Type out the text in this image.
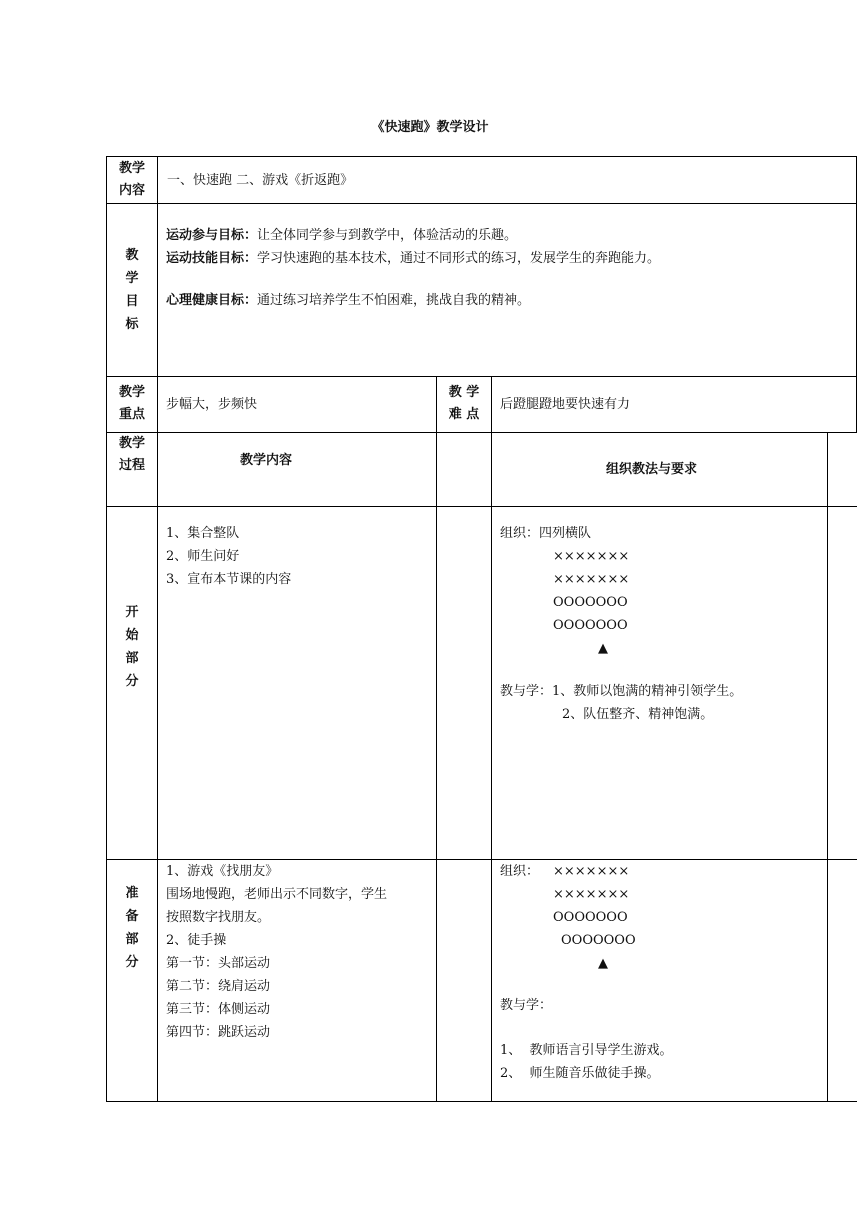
《快速跑》教学设计
教学
内容
一、快速跑 二、游戏《折返跑》
教
学
目
标
运动参与目标：让全体同学参与到教学中，体验活动的乐趣。
运动技能目标：学习快速跑的基本技术，通过不同形式的练习，发展学生的奔跑能力。
心理健康目标：通过练习培养学生不怕困难，挑战自我的精神。
教学
重点
步幅大，步频快
教 学
难 点
后蹬腿蹬地要快速有力
教学
过程	教学内容
组织教法与要求
开
始
部
分
1、集合整队
2、师生问好
3、宣布本节课的内容
组织：四列横队
×××××××
×××××××
OOOOOOO
OOOOOOO
▲
教与学：1、教师以饱满的精神引领学生。
2、队伍整齐、精神饱满。
准
备
部
分
1、游戏《找朋友》
围场地慢跑，老师出示不同数字，学生
按照数字找朋友。
2、徒手操
第一节：头部运动
第二节：绕肩运动
第三节：体侧运动
第四节：跳跃运动
组织： ×××××××
×××××××
OOOOOOO
OOOOOOO
▲
教与学：
1、  教师语言引导学生游戏。
2、  师生随音乐做徒手操。
